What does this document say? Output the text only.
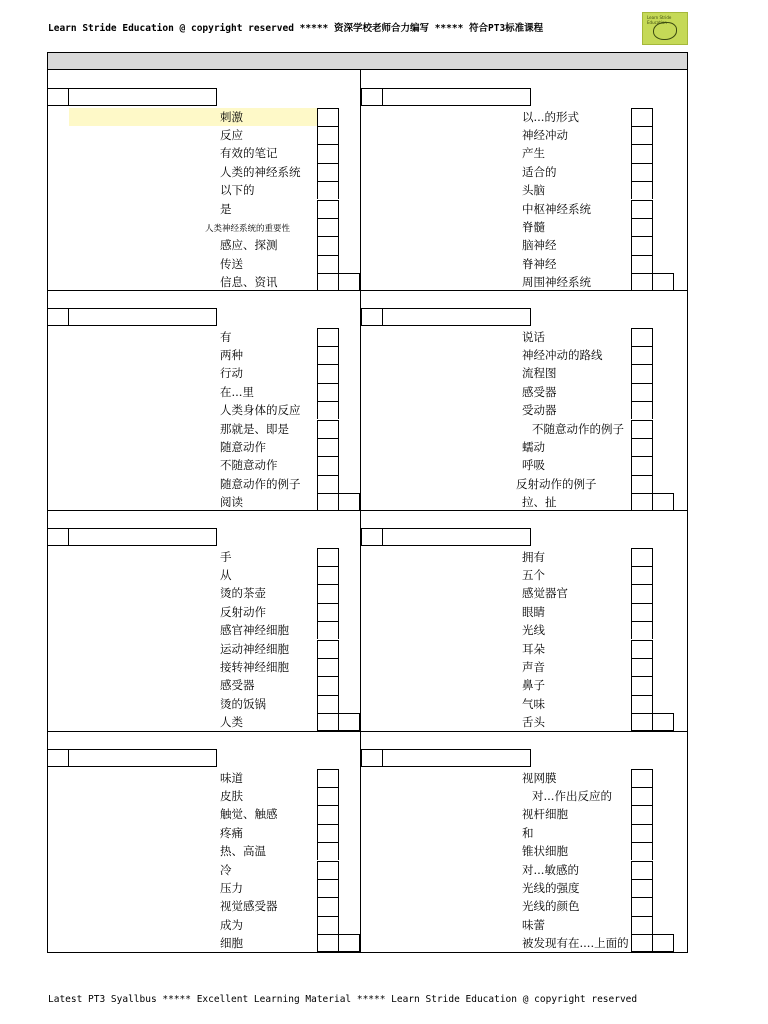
Learn Stride Education @ copyright reserved ***** 资深学校老师合力编写 ***** 符合PT3标准课程
Learn Stride Education
刺激
反应
有效的笔记
人类的神经系统
以下的
是
人类神经系统的重要性
感应、探测
传送
信息、资讯
以...的形式
神经冲动
产生
适合的
头脑
中枢神经系统
脊髓
脑神经
脊神经
周围神经系统
有
两种
行动
在...里
人类身体的反应
那就是、即是
随意动作
不随意动作
随意动作的例子
阅读
说话
神经冲动的路线
流程图
感受器
受动器
不随意动作的例子
蠕动
呼吸
反射动作的例子
拉、扯
手
从
烫的茶壶
反射动作
感官神经细胞
运动神经细胞
接转神经细胞
感受器
烫的饭锅
人类
拥有
五个
感觉器官
眼睛
光线
耳朵
声音
鼻子
气味
舌头
味道
皮肤
触觉、触感
疼痛
热、高温
冷
压力
视觉感受器
成为
细胞
视网膜
对...作出反应的
视杆细胞
和
锥状细胞
对...敏感的
光线的强度
光线的颜色
味蕾
被发现有在....上面的
Latest PT3 Syallbus ***** Excellent Learning Material ***** Learn Stride Education @ copyright reserved
